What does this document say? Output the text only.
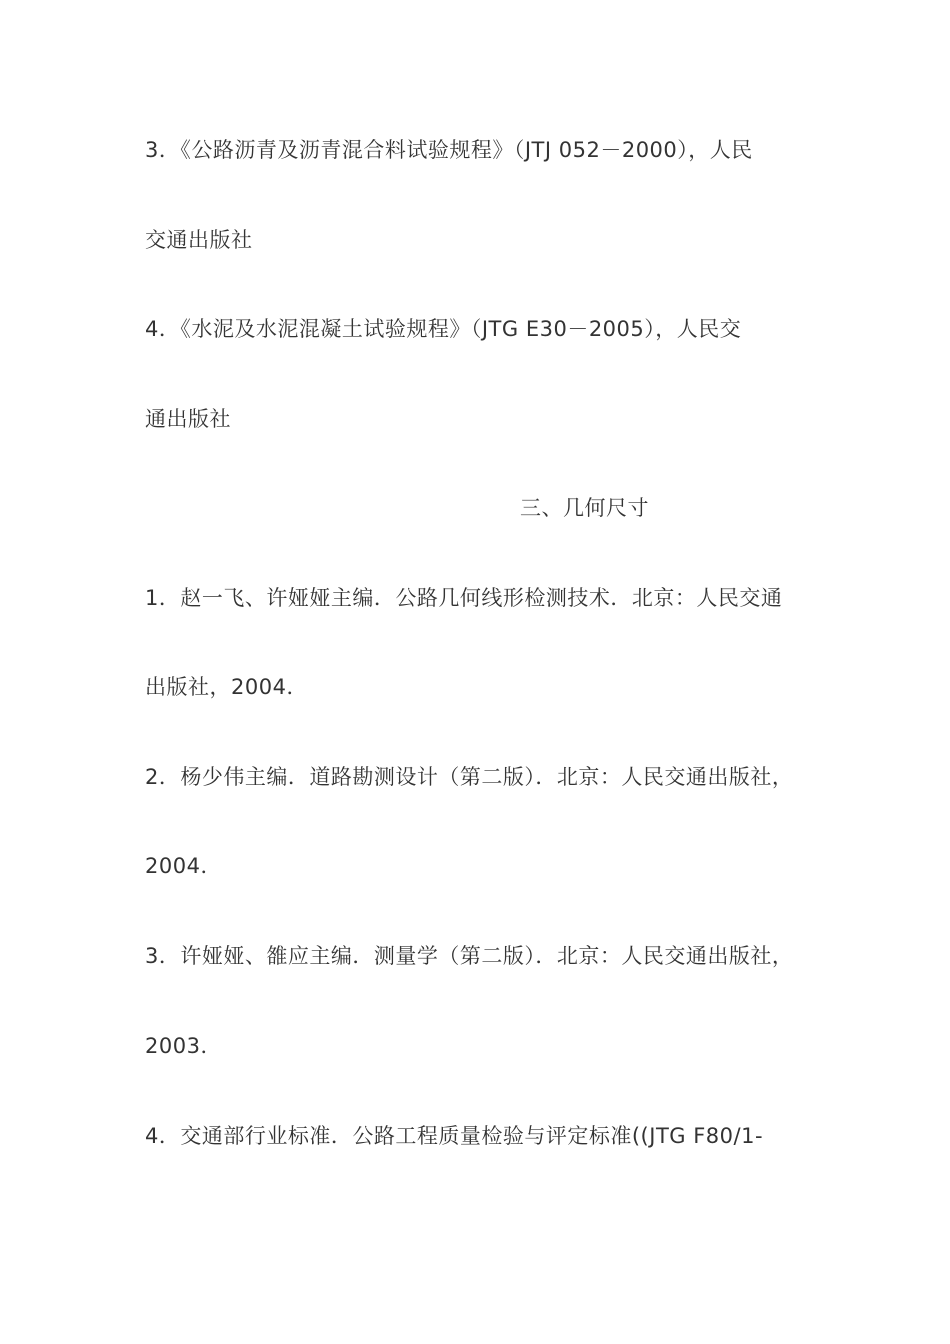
3．《公路沥青及沥青混合料试验规程》（JTJ 052－2000），人民
交通出版社
4．《水泥及水泥混凝土试验规程》（JTG E30－2005），人民交
通出版社
三、几何尺寸
1．赵一飞、许娅娅主编．公路几何线形检测技术．北京：人民交通
出版社，2004．
2．杨少伟主编．道路勘测设计（第二版）．北京：人民交通出版社，
2004．
3．许娅娅、雒应主编．测量学（第二版）．北京：人民交通出版社，
2003．
4．交通部行业标准．公路工程质量检验与评定标准((JTG F80/1-
